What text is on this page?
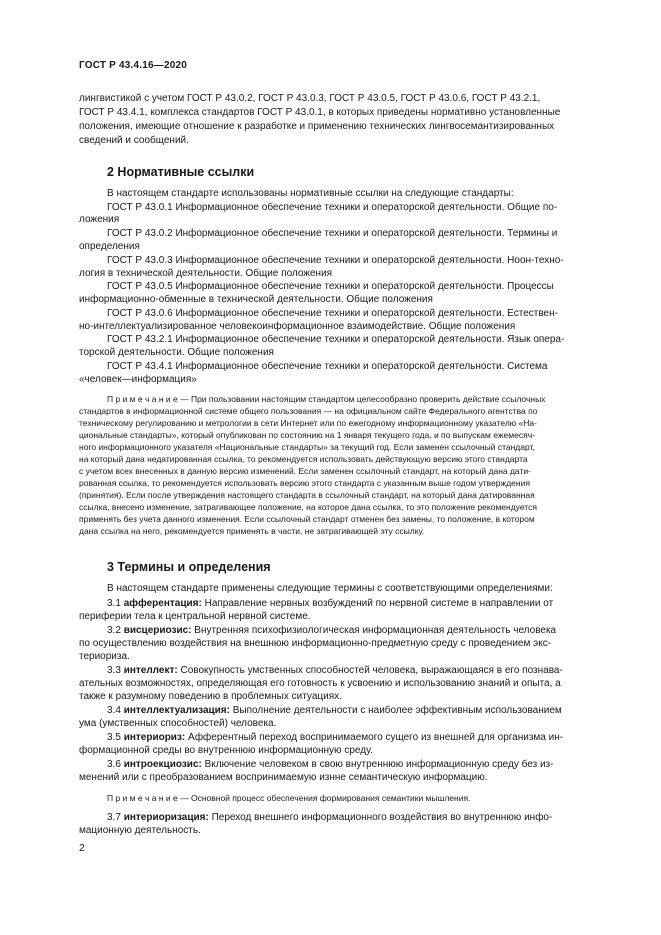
ГОСТ Р 43.4.16—2020
лингвистикой с учетом ГОСТ Р 43.0.2, ГОСТ Р 43.0.3, ГОСТ Р 43.0.5, ГОСТ Р 43.0.6, ГОСТ Р 43.2.1,
ГОСТ Р 43.4.1, комплекса стандартов ГОСТ Р 43.0.1, в которых приведены нормативно установленные
положения, имеющие отношение к разработке и применению технических лингвосемантизированных
сведений и сообщений.
2 Нормативные ссылки
В настоящем стандарте использованы нормативные ссылки на следующие стандарты:
ГОСТ Р 43.0.1 Информационное обеспечение техники и операторской деятельности. Общие по-
ложения
ГОСТ Р 43.0.2 Информационное обеспечение техники и операторской деятельности. Термины и
определения
ГОСТ Р 43.0.3 Информационное обеспечение техники и операторской деятельности. Ноон-техно-
логия в технической деятельности. Общие положения
ГОСТ Р 43.0.5 Информационное обеспечение техники и операторской деятельности. Процессы
информационно-обменные в технической деятельности. Общие положения
ГОСТ Р 43.0.6 Информационное обеспечение техники и операторской деятельности. Естествен-
но-интеллектуализированное человекоинформационное взаимодействие. Общие положения
ГОСТ Р 43.2.1 Информационное обеспечение техники и операторской деятельности. Язык опера-
торской деятельности. Общие положения
ГОСТ Р 43.4.1 Информационное обеспечение техники и операторской деятельности. Система
«человек—информация»
П р и м е ч а н и е — При пользовании настоящим стандартом целесообразно проверить действие ссылочных
стандартов в информационной системе общего пользования — на официальном сайте Федерального агентства по
техническому регулированию и метрологии в сети Интернет или по ежегодному информационному указателю «На-
циональные стандарты», который опубликован по состоянию на 1 января текущего года, и по выпускам ежемесяч-
ного информационного указателя «Национальные стандарты» за текущий год. Если заменен ссылочный стандарт,
на который дана недатированная ссылка, то рекомендуется использовать действующую версию этого стандарта
с учетом всех внесенных в данную версию изменений. Если заменен ссылочный стандарт, на который дана дати-
рованная ссылка, то рекомендуется использовать версию этого стандарта с указанным выше годом утверждения
(принятия). Если после утверждения настоящего стандарта в ссылочный стандарт, на который дана датированная
ссылка, внесено изменение, затрагивающее положение, на которое дана ссылка, то это положение рекомендуется
применять без учета данного изменения. Если ссылочный стандарт отменен без замены, то положение, в котором
дана ссылка на него, рекомендуется применять в части, не затрагивающей эту ссылку.
3 Термины и определения
В настоящем стандарте применены следующие термины с соответствующими определениями:
3.1 афферентация: Направление нервных возбуждений по нервной системе в направлении от
периферии тела к центральной нервной системе.
3.2 висцериозис: Внутренняя психофизиологическая информационная деятельность человека
по осуществлению воздействия на внешнюю информационно-предметную среду с проведением экс-
териориза.
3.3 интеллект: Совокупность умственных способностей человека, выражающаяся в его познава-
ательных возможностях, определяющая его готовность к усвоению и использованию знаний и опыта, а
также к разумному поведению в проблемных ситуациях.
3.4 интеллектуализация: Выполнение деятельности с наиболее эффективным использованием
ума (умственных способностей) человека.
3.5 интериориз: Афферентный переход воспринимаемого сущего из внешней для организма ин-
формационной среды во внутреннюю информационную среду.
3.6 интроекциозис: Включение человеком в свою внутреннюю информационную среду без из-
менений или с преобразованием воспринимаемую изнне семантическую информацию.
П р и м е ч а н и е — Основной процесс обеспечения формирования семантики мышления.
3.7 интериоризация: Переход внешнего информационного воздействия во внутреннюю инфо-
мационную деятельность.
2
